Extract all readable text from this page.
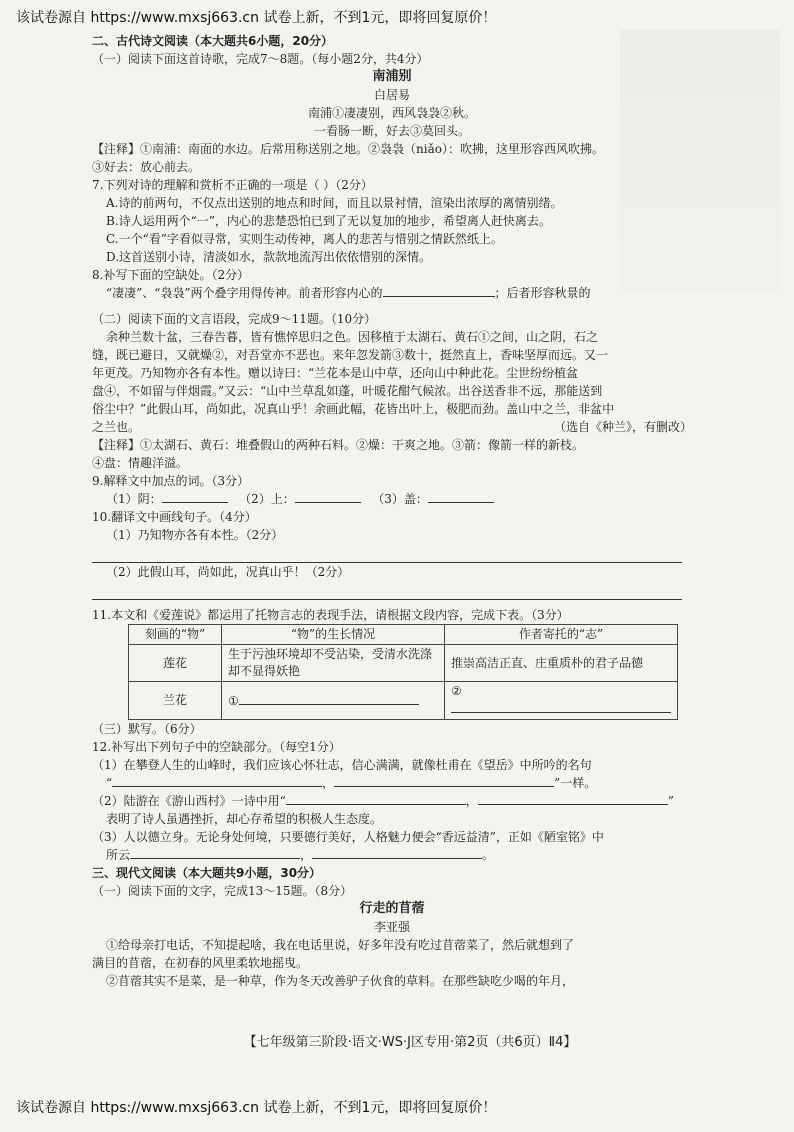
该试卷源自 https://www.mxsj663.cn 试卷上新，不到1元，即将回复原价！
二、古代诗文阅读（本大题共6小题，20分）
（一）阅读下面这首诗歌，完成7～8题。（每小题2分，共4分）
南浦别
白居易
南浦①凄凄别，西风袅袅②秋。
一看肠一断，好去③莫回头。
【注释】①南浦：南面的水边。后常用称送别之地。②袅袅（niǎo）：吹拂，这里形容西风吹拂。
③好去：放心前去。
7.下列对诗的理解和赏析不正确的一项是（ ）（2分）
A.诗的前两句，不仅点出送别的地点和时间，而且以景衬情，渲染出浓厚的离情别绪。
B.诗人运用两个“一”，内心的悲楚恐怕已到了无以复加的地步，希望离人赶快离去。
C.一个“看”字看似寻常，实则生动传神，离人的悲苦与惜别之情跃然纸上。
D.这首送别小诗，清淡如水，款款地流泻出依依惜别的深情。
8.补写下面的空缺处。（2分）
“凄凄”、“袅袅”两个叠字用得传神。前者形容内心的	；后者形容秋景的
（二）阅读下面的文言语段，完成9～11题。（10分）
余种兰数十盆，三春告暮，皆有憔悴思归之色。因移植于太湖石、黄石①之间，山之阴，石之
缝，既已避日，又就燥②，对吾堂亦不恶也。来年忽发箭③数十，挺然直上，香味坚厚而远。又一
年更茂。乃知物亦各有本性。赠以诗曰：“兰花本是山中草，还向山中种此花。尘世纷纷植盆
盘④，不如留与伴烟霞。”又云：“山中兰草乱如蓬，叶暖花酣气候浓。出谷送香非不远，那能送到
俗尘中？”此假山耳，尚如此，况真山乎！余画此幅，花皆出叶上，极肥而劲。盖山中之兰，非盆中
之兰也。	（选自《种兰》，有删改）
【注释】①太湖石、黄石：堆叠假山的两种石料。②燥：干爽之地。③箭：像箭一样的新枝。
④盘：情趣洋溢。
9.解释文中加点的词。（3分）
（1）阴：	（2）上：	（3）盖：
10.翻译文中画线句子。（4分）
（1）乃知物亦各有本性。（2分）
（2）此假山耳，尚如此，况真山乎！（2分）
11.本文和《爱莲说》都运用了托物言志的表现手法，请根据文段内容，完成下表。（3分）
刻画的“物”	“物”的生长情况	作者寄托的“志”
莲花	生于污浊环境却不受沾染，受清水洗涤却不显得妖艳	推崇高洁正直、庄重质朴的君子品德
兰花	①	②
（三）默写。（6分）
12.补写出下列句子中的空缺部分。（每空1分）
（1）在攀登人生的山峰时，我们应该心怀壮志，信心满满，就像杜甫在《望岳》中所吟的名句
“	，	”一样。
（2）陆游在《游山西村》一诗中用“	，	”
表明了诗人虽遇挫折，却心存希望的积极人生态度。
（3）人以德立身。无论身处何境，只要德行美好，人格魅力便会“香远益清”，正如《陋室铭》中
所云	，	。
三、现代文阅读（本大题共9小题，30分）
（一）阅读下面的文字，完成13～15题。（8分）
行走的苜蓿
李亚强
①给母亲打电话，不知提起啥，我在电话里说，好多年没有吃过苜蓿菜了，然后就想到了
满目的苜蓿，在初春的风里柔软地摇曳。
②苜蓿其实不是菜，是一种草，作为冬天改善驴子伙食的草料。在那些缺吃少喝的年月，
【七年级第三阶段·语文·WS·J区专用·第2页（共6页）Ⅱ4】
该试卷源自 https://www.mxsj663.cn 试卷上新，不到1元，即将回复原价！
